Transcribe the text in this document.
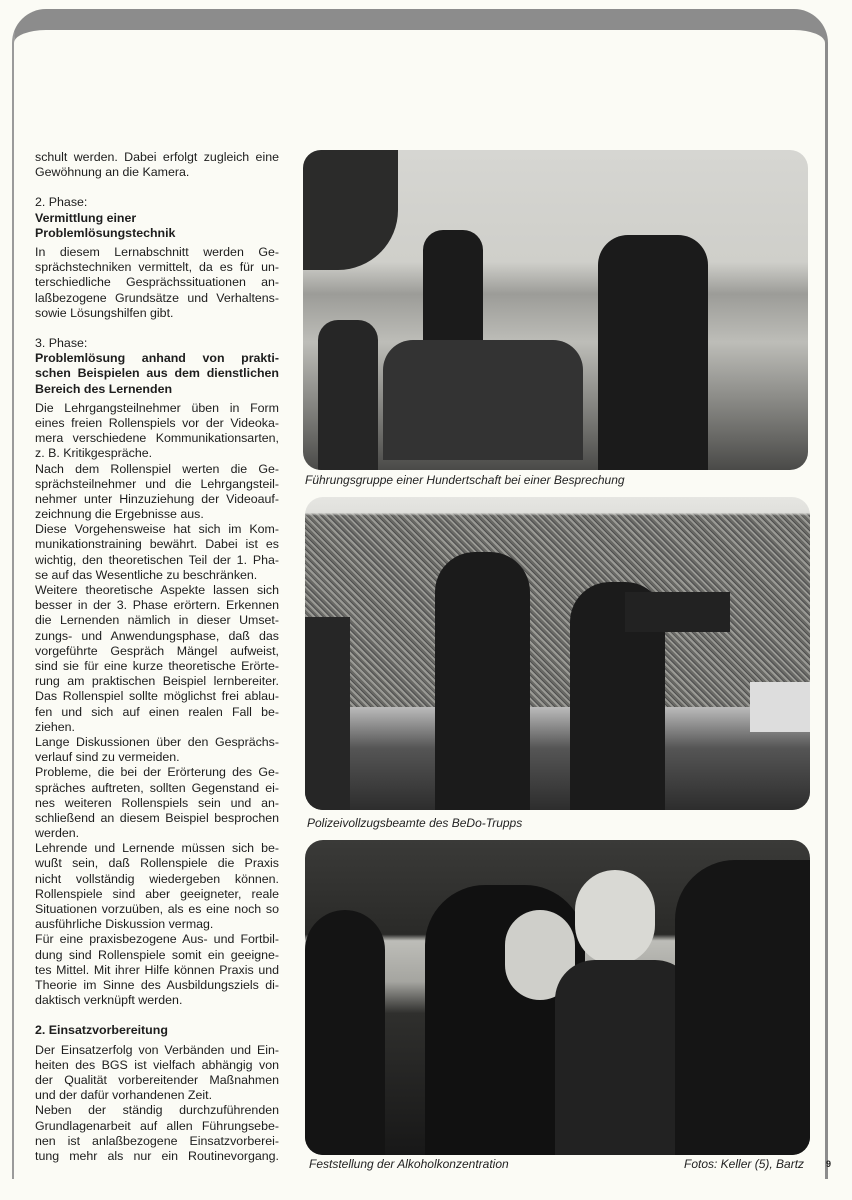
schult werden. Dabei erfolgt zugleich eine
Gewöhnung an die Kamera.
2. Phase:
Vermittlung einer
Problemlösungstechnik
In diesem Lernabschnitt werden Ge-
sprächstechniken vermittelt, da es für un-
terschiedliche Gesprächssituationen an-
laßbezogene Grundsätze und Verhaltens-
sowie Lösungshilfen gibt.
3. Phase:
Problemlösung anhand von prakti-
schen Beispielen aus dem dienstlichen
Bereich des Lernenden
Die Lehrgangsteilnehmer üben in Form
eines freien Rollenspiels vor der Videoka-
mera verschiedene Kommunikationsarten,
z. B. Kritikgespräche.
Nach dem Rollenspiel werten die Ge-
sprächsteilnehmer und die Lehrgangsteil-
nehmer unter Hinzuziehung der Videoauf-
zeichnung die Ergebnisse aus.
Diese Vorgehensweise hat sich im Kom-
munikationstraining bewährt. Dabei ist es
wichtig, den theoretischen Teil der 1. Pha-
se auf das Wesentliche zu beschränken.
Weitere theoretische Aspekte lassen sich
besser in der 3. Phase erörtern. Erkennen
die Lernenden nämlich in dieser Umset-
zungs- und Anwendungsphase, daß das
vorgeführte Gespräch Mängel aufweist,
sind sie für eine kurze theoretische Erörte-
rung am praktischen Beispiel lernbereiter.
Das Rollenspiel sollte möglichst frei ablau-
fen und sich auf einen realen Fall be-
ziehen.
Lange Diskussionen über den Gesprächs-
verlauf sind zu vermeiden.
Probleme, die bei der Erörterung des Ge-
spräches auftreten, sollten Gegenstand ei-
nes weiteren Rollenspiels sein und an-
schließend an diesem Beispiel besprochen
werden.
Lehrende und Lernende müssen sich be-
wußt sein, daß Rollenspiele die Praxis
nicht vollständig wiedergeben können.
Rollenspiele sind aber geeigneter, reale
Situationen vorzuüben, als es eine noch so
ausführliche Diskussion vermag.
Für eine praxisbezogene Aus- und Fortbil-
dung sind Rollenspiele somit ein geeigne-
tes Mittel. Mit ihrer Hilfe können Praxis und
Theorie im Sinne des Ausbildungsziels di-
daktisch verknüpft werden.
2. Einsatzvorbereitung
Der Einsatzerfolg von Verbänden und Ein-
heiten des BGS ist vielfach abhängig von
der Qualität vorbereitender Maßnahmen
und der dafür vorhandenen Zeit.
Neben der ständig durchzuführenden
Grundlagenarbeit auf allen Führungsebe-
nen ist anlaßbezogene Einsatzvorberei-
tung mehr als nur ein Routinevorgang.
Führungsgruppe einer Hundertschaft bei einer Besprechung
Polizeivollzugsbeamte des BeDo-Trupps
Feststellung der Alkoholkonzentration	Fotos: Keller (5), Bartz 9
